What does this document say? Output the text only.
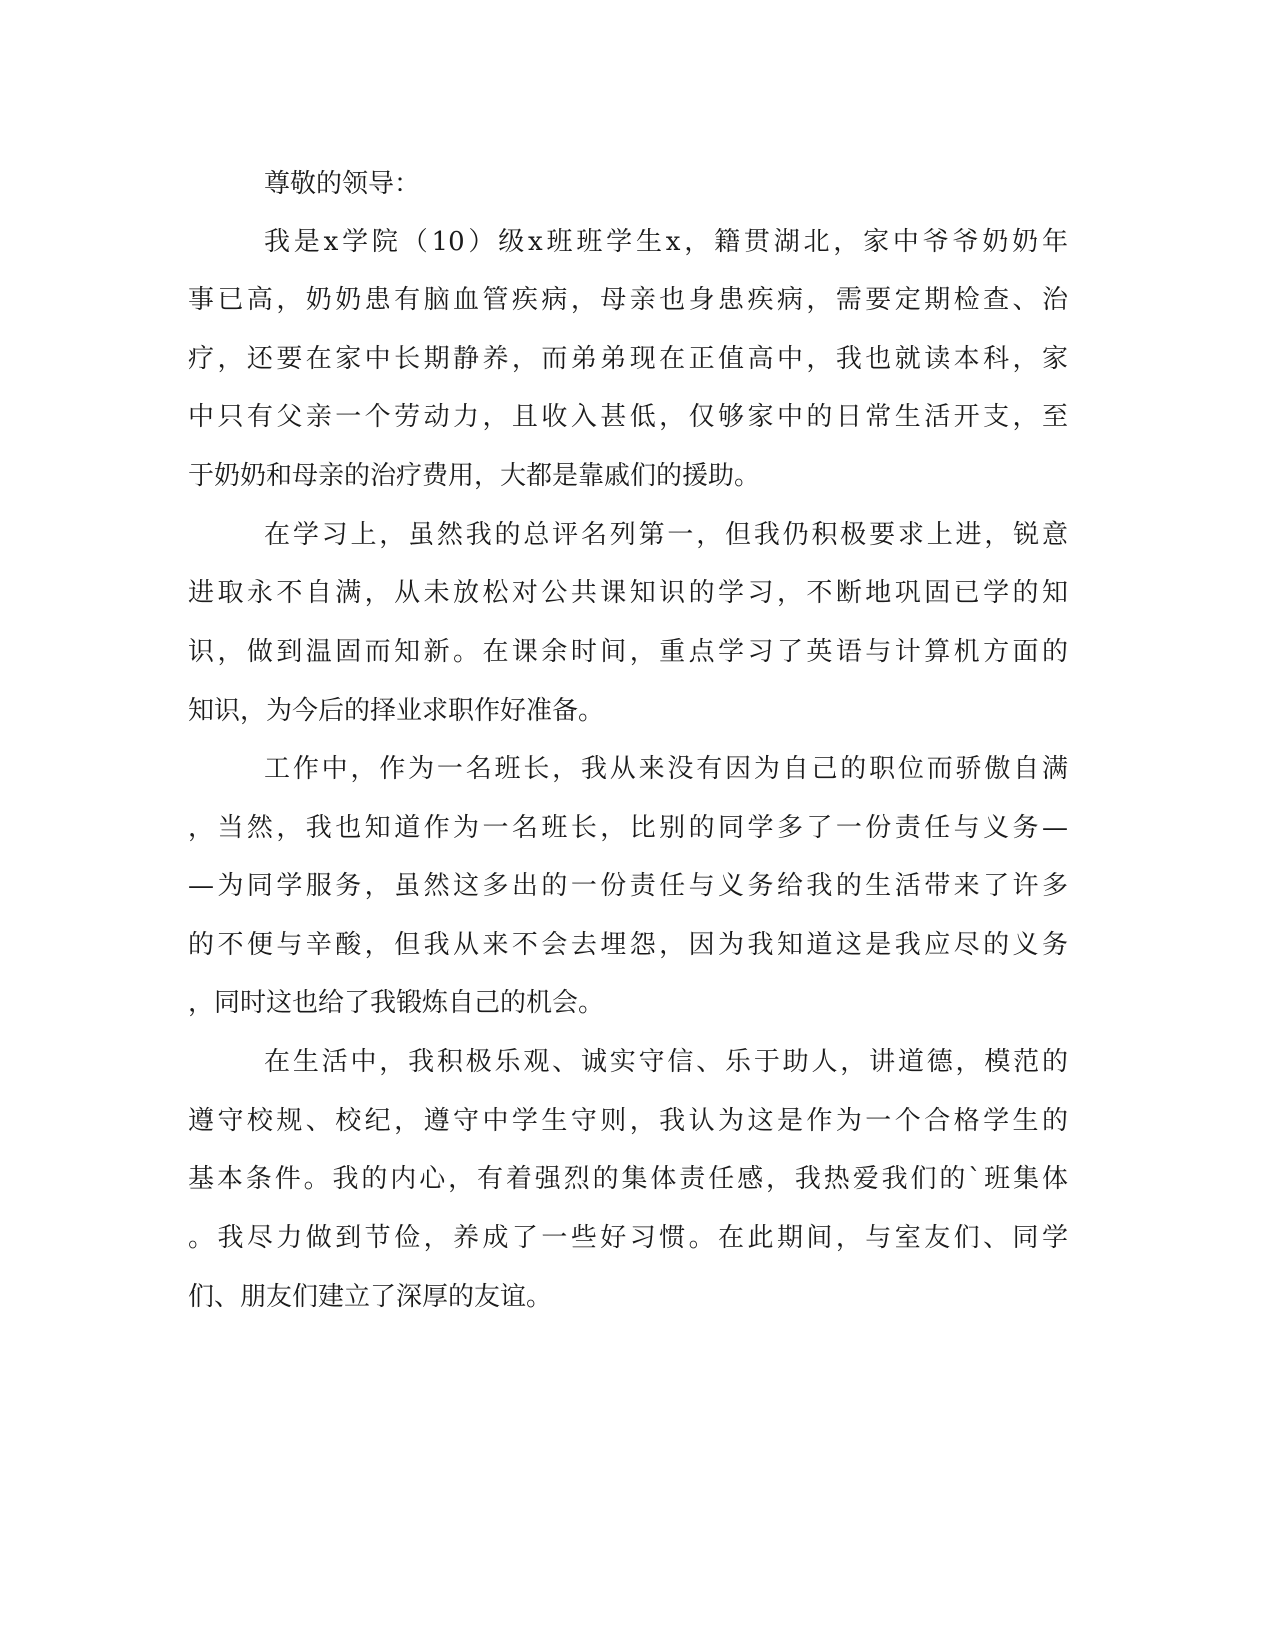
尊敬的领导：
我是x学院（10）级x班班学生x，籍贯湖北，家中爷爷奶奶年
事已高，奶奶患有脑血管疾病，母亲也身患疾病，需要定期检查、治
疗，还要在家中长期静养，而弟弟现在正值高中，我也就读本科，家
中只有父亲一个劳动力，且收入甚低，仅够家中的日常生活开支，至
于奶奶和母亲的治疗费用，大都是靠戚们的援助。
在学习上，虽然我的总评名列第一，但我仍积极要求上进，锐意
进取永不自满，从未放松对公共课知识的学习，不断地巩固已学的知
识，做到温固而知新。在课余时间，重点学习了英语与计算机方面的
知识，为今后的择业求职作好准备。
工作中，作为一名班长，我从来没有因为自己的职位而骄傲自满
，当然，我也知道作为一名班长，比别的同学多了一份责任与义务—
—为同学服务，虽然这多出的一份责任与义务给我的生活带来了许多
的不便与辛酸，但我从来不会去埋怨，因为我知道这是我应尽的义务
，同时这也给了我锻炼自己的机会。
在生活中，我积极乐观、诚实守信、乐于助人，讲道德，模范的
遵守校规、校纪，遵守中学生守则，我认为这是作为一个合格学生的
基本条件。我的内心，有着强烈的集体责任感，我热爱我们的`班集体
。我尽力做到节俭，养成了一些好习惯。在此期间，与室友们、同学
们、朋友们建立了深厚的友谊。
